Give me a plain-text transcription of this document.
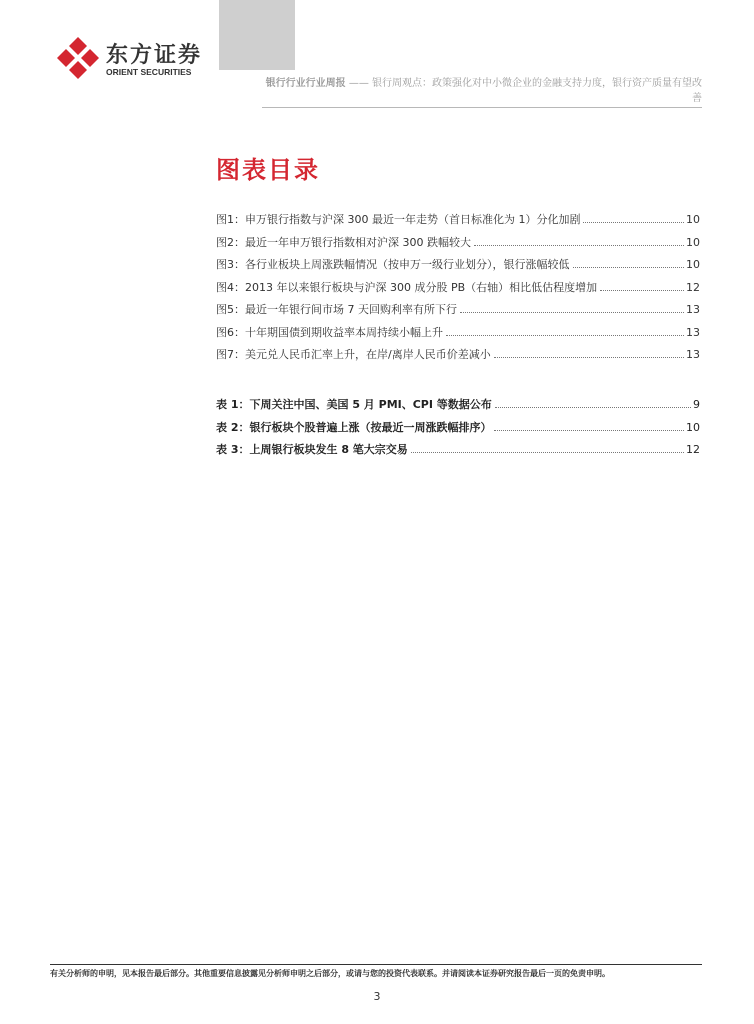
东方证券
ORIENT SECURITIES
银行行业行业周报 —— 银行周观点：政策强化对中小微企业的金融支持力度，银行资产质量有望改善
图表目录
图1： 申万银行指数与沪深 300 最近一年走势（首日标准化为 1）分化加剧	10
图2： 最近一年申万银行指数相对沪深 300 跌幅较大	10
图3： 各行业板块上周涨跌幅情况（按申万一级行业划分），银行涨幅较低	10
图4： 2013 年以来银行板块与沪深 300 成分股 PB（右轴）相比低估程度增加	12
图5： 最近一年银行间市场 7 天回购利率有所下行	13
图6： 十年期国债到期收益率本周持续小幅上升	13
图7： 美元兑人民币汇率上升，在岸/离岸人民币价差减小	13
表 1： 下周关注中国、美国 5 月 PMI、CPI 等数据公布	9
表 2： 银行板块个股普遍上涨（按最近一周涨跌幅排序）	10
表 3： 上周银行板块发生 8 笔大宗交易	12
有关分析师的申明，见本报告最后部分。其他重要信息披露见分析师申明之后部分，或请与您的投资代表联系。并请阅读本证券研究报告最后一页的免责申明。
3
